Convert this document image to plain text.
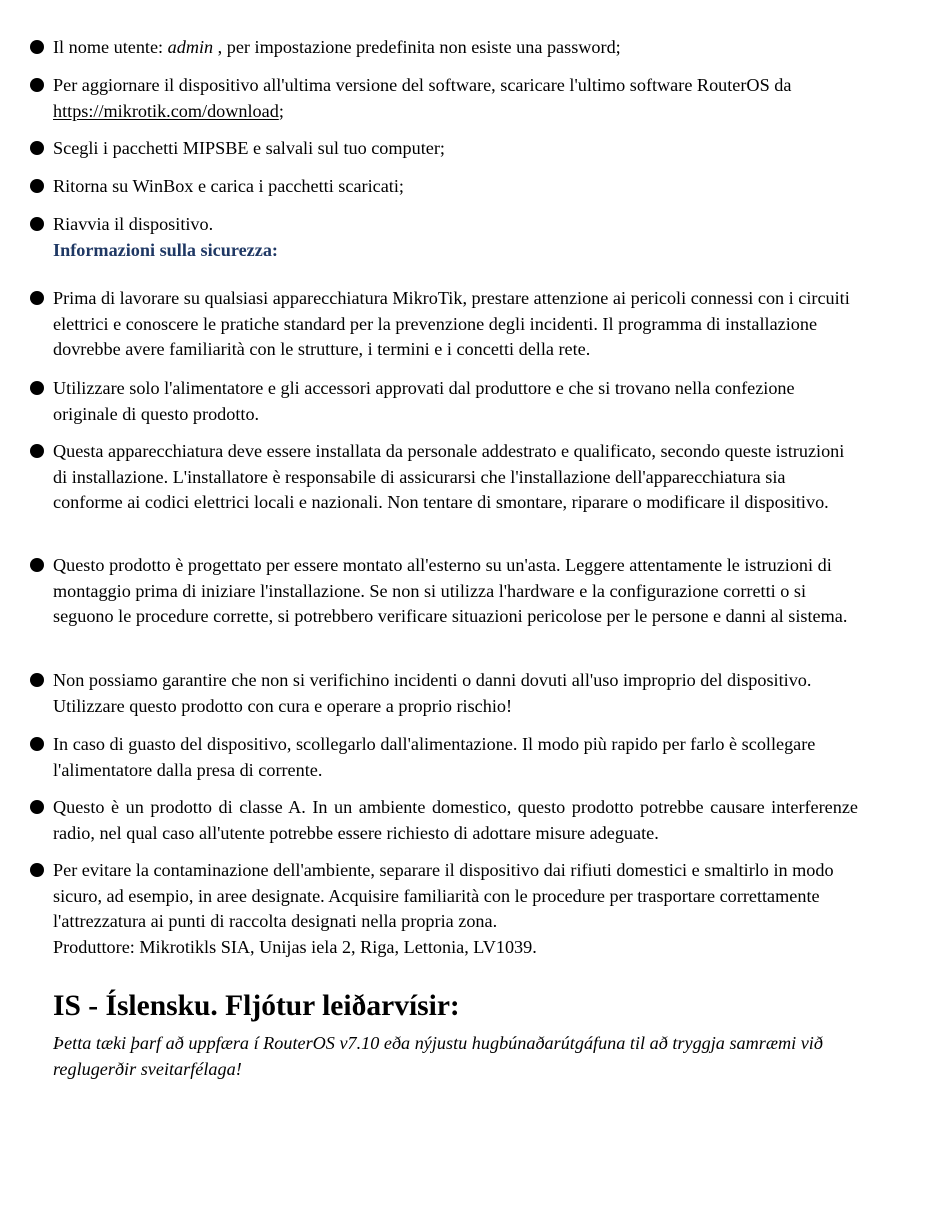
Il nome utente: admin , per impostazione predefinita non esiste una password;
Per aggiornare il dispositivo all'ultima versione del software, scaricare l'ultimo software RouterOS da https://mikrotik.com/download;
Scegli i pacchetti MIPSBE e salvali sul tuo computer;
Ritorna su WinBox e carica i pacchetti scaricati;
Riavvia il dispositivo.
Informazioni sulla sicurezza:
Prima di lavorare su qualsiasi apparecchiatura MikroTik, prestare attenzione ai pericoli connessi con i circuiti elettrici e conoscere le pratiche standard per la prevenzione degli incidenti. Il programma di installazione dovrebbe avere familiarità con le strutture, i termini e i concetti della rete.
Utilizzare solo l'alimentatore e gli accessori approvati dal produttore e che si trovano nella confezione originale di questo prodotto.
Questa apparecchiatura deve essere installata da personale addestrato e qualificato, secondo queste istruzioni di installazione. L'installatore è responsabile di assicurarsi che l'installazione dell'apparecchiatura sia conforme ai codici elettrici locali e nazionali. Non tentare di smontare, riparare o modificare il dispositivo.
Questo prodotto è progettato per essere montato all'esterno su un'asta. Leggere attentamente le istruzioni di montaggio prima di iniziare l'installazione. Se non si utilizza l'hardware e la configurazione corretti o si seguono le procedure corrette, si potrebbero verificare situazioni pericolose per le persone e danni al sistema.
Non possiamo garantire che non si verifichino incidenti o danni dovuti all'uso improprio del dispositivo. Utilizzare questo prodotto con cura e operare a proprio rischio!
In caso di guasto del dispositivo, scollegarlo dall'alimentazione. Il modo più rapido per farlo è scollegare l'alimentatore dalla presa di corrente.
Questo è un prodotto di classe A. In un ambiente domestico, questo prodotto potrebbe causare interferenze radio, nel qual caso all'utente potrebbe essere richiesto di adottare misure adeguate.
Per evitare la contaminazione dell'ambiente, separare il dispositivo dai rifiuti domestici e smaltirlo in modo sicuro, ad esempio, in aree designate. Acquisire familiarità con le procedure per trasportare correttamente l'attrezzatura ai punti di raccolta designati nella propria zona.
Produttore: Mikrotikls SIA, Unijas iela 2, Riga, Lettonia, LV1039.
IS - Íslensku. Fljótur leiðarvísir:

Þetta tæki þarf að uppfæra í RouterOS v7.10 eða nýjustu hugbúnaðarútgáfuna til að tryggja samræmi við reglugerðir sveitarfélaga!
